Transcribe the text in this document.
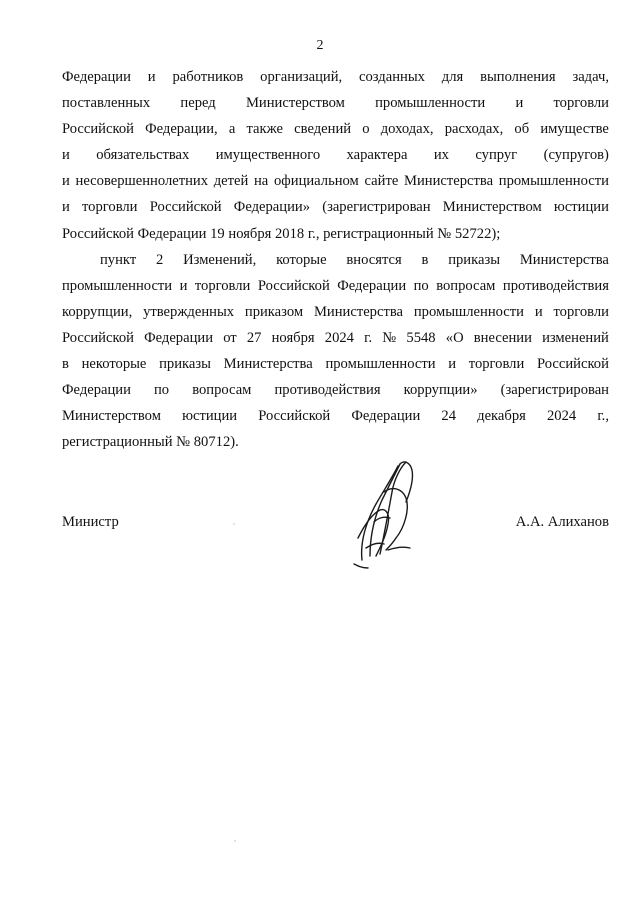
2
Федерации и работников организаций, созданных для выполнения задач,
поставленных перед Министерством промышленности и торговли
Российской Федерации, а также сведений о доходах, расходах, об имуществе
и обязательствах имущественного характера их супруг (супругов)
и несовершеннолетних детей на официальном сайте Министерства промышленности
и торговли Российской Федерации» (зарегистрирован Министерством юстиции
Российской Федерации 19 ноября 2018 г., регистрационный № 52722);
пункт 2 Изменений, которые вносятся в приказы Министерства
промышленности и торговли Российской Федерации по вопросам противодействия
коррупции, утвержденных приказом Министерства промышленности и торговли
Российской Федерации от 27 ноября 2024 г. № 5548 «О внесении изменений
в некоторые приказы Министерства промышленности и торговли Российской
Федерации по вопросам противодействия коррупции» (зарегистрирован
Министерством юстиции Российской Федерации 24 декабря 2024 г.,
регистрационный № 80712).
Министр	А.А. Алиханов
